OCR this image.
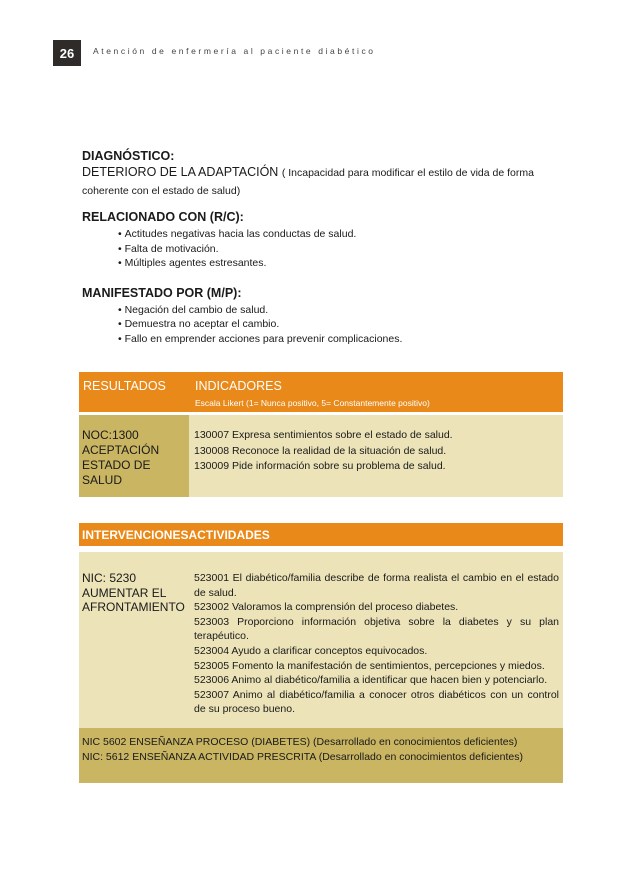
26	Atención de enfermería al paciente diabético
DIAGNÓSTICO:
DETERIORO DE LA ADAPTACIÓN ( Incapacidad para modificar el estilo de vida de forma
coherente con el estado de salud)
RELACIONADO CON (R/C):
• Actitudes negativas hacia las conductas de salud.
• Falta de motivación.
• Múltiples agentes estresantes.
MANIFESTADO POR (M/P):
• Negación del cambio de salud.
• Demuestra no aceptar el cambio.
• Fallo en emprender acciones para prevenir complicaciones.
RESULTADOS INDICADORES
Escala Likert (1= Nunca positivo, 5= Constantemente positivo)
NOC:1300
ACEPTACIÓN
ESTADO DE SALUD
130007 Expresa sentimientos sobre el estado de salud.
130008 Reconoce la realidad de la situación de salud.
130009 Pide información sobre su problema de salud.
INTERVENCIONES ACTIVIDADES
NIC: 5230
AUMENTAR EL
AFRONTAMIENTO
523001 El diabético/familia describe de forma realista el cambio en el estado de salud.
523002 Valoramos la comprensión del proceso diabetes.
523003 Proporciono información objetiva sobre la diabetes y su plan terapéutico.
523004 Ayudo a clarificar conceptos equivocados.
523005 Fomento la manifestación de sentimientos, percepciones y miedos.
523006 Animo al diabético/familia a identificar que hacen bien y potenciarlo.
523007 Animo al diabético/familia a conocer otros diabéticos con un control de su proceso bueno.
NIC 5602 ENSEÑANZA PROCESO (DIABETES) (Desarrollado en conocimientos deficientes)
NIC: 5612 ENSEÑANZA ACTIVIDAD PRESCRITA (Desarrollado en conocimientos deficientes)
